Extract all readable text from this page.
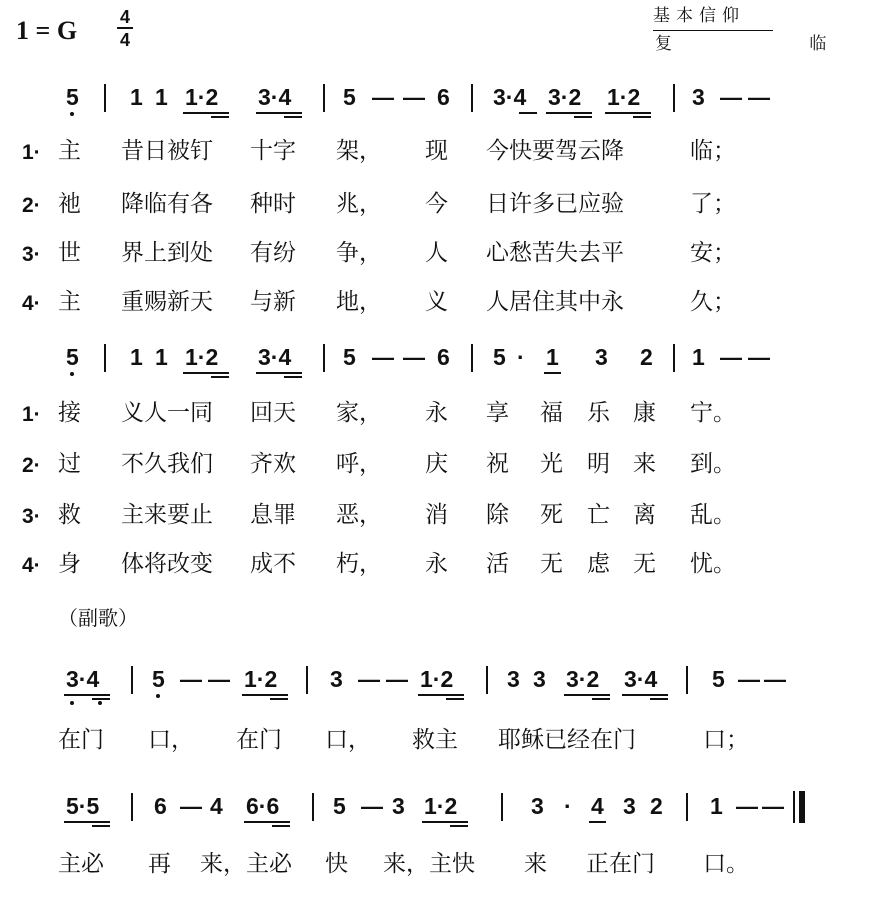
1 = G 4
4
基本信仰
复 临
5 1 1 1·2 3·4 5 — — 6 3·4 3·2 1·2 3 — —
1· 主 昔日被钉 十字 架， 现 今快要驾云降	临；
2· 祂 降临有各 种时 兆， 今 日许多已应验	了；
3· 世 界上到处 有纷 争， 人 心愁苦失去平	安；
4· 主 重赐新天 与新 地， 义 人居住其中永	久；
5 1 1 1·2 3·4 5 — — 6 5 · 1 3 2 1 — —
1· 接 义人一同 回天 家， 永 享 福 乐 康 宁。
2· 过 不久我们 齐欢 呼， 庆 祝 光 明 来 到。
3· 救 主来要止 息罪 恶， 消 除 死 亡 离 乱。
4· 身 体将改变 成不 朽， 永 活 无 虑 无 忧。
（副歌）
3·4 5 — — 1·2 3 — — 1·2 3 3 3·2 3·4 5 — —
在门 口， 在门 口， 救主 耶稣已经在门	口；
5·5 6 — 4 6·6 5 — 3 1·2	3 · 4 3 2 1 — —
主必 再 来，主必 快 来，主快 来 正在门 口。
